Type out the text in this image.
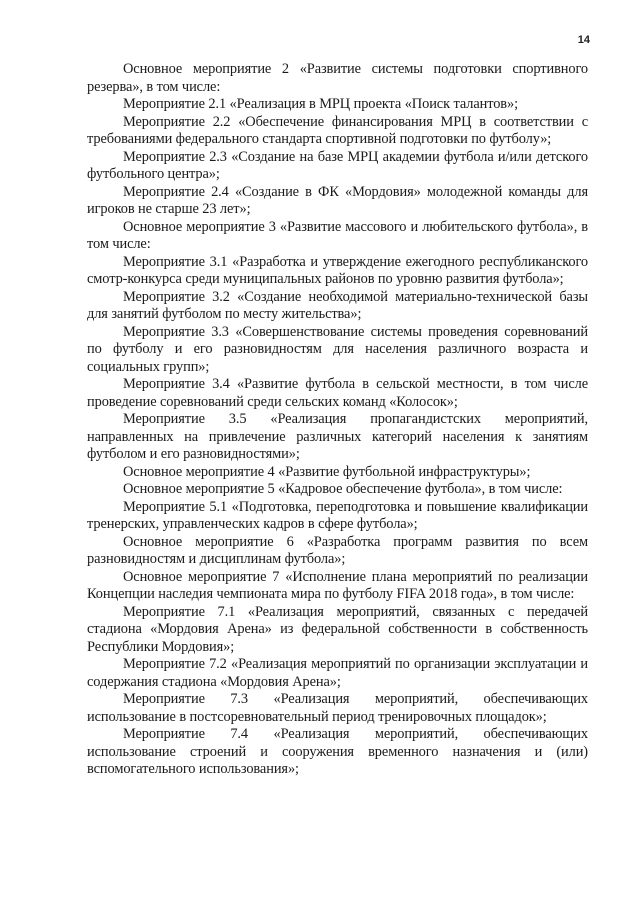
14

Основное мероприятие 2 «Развитие системы подготовки спортивного резерва», в том числе:

Мероприятие 2.1 «Реализация в МРЦ проекта «Поиск талантов»;

Мероприятие 2.2 «Обеспечение финансирования МРЦ в соответствии с требованиями федерального стандарта спортивной подготовки по футболу»;

Мероприятие 2.3 «Создание на базе МРЦ академии футбола и/или детского футбольного центра»;

Мероприятие 2.4 «Создание в ФК «Мордовия» молодежной команды для игроков не старше 23 лет»;

Основное мероприятие 3 «Развитие массового и любительского футбола», в том числе:

Мероприятие 3.1 «Разработка и утверждение ежегодного республиканского смотр-конкурса среди муниципальных районов по уровню развития футбола»;

Мероприятие 3.2 «Создание необходимой материально-технической базы для занятий футболом по месту жительства»;

Мероприятие 3.3 «Совершенствование системы проведения соревнований по футболу и его разновидностям для населения различного возраста и социальных групп»;

Мероприятие 3.4 «Развитие футбола в сельской местности, в том числе проведение соревнований среди сельских команд «Колосок»;

Мероприятие 3.5 «Реализация пропагандистских мероприятий, направленных на привлечение различных категорий населения к занятиям футболом и его разновидностями»;

Основное мероприятие 4 «Развитие футбольной инфраструктуры»;

Основное мероприятие 5 «Кадровое обеспечение футбола», в том числе:

Мероприятие 5.1 «Подготовка, переподготовка и повышение квалификации тренерских, управленческих кадров в сфере футбола»;

Основное мероприятие 6 «Разработка программ развития по всем разновидностям и дисциплинам футбола»;

Основное мероприятие 7 «Исполнение плана мероприятий по реализации Концепции наследия чемпионата мира по футболу FIFA 2018 года», в том числе:

Мероприятие 7.1 «Реализация мероприятий, связанных с передачей стадиона «Мордовия Арена» из федеральной собственности в собственность Республики Мордовия»;

Мероприятие 7.2 «Реализация мероприятий по организации эксплуатации и содержания стадиона «Мордовия Арена»;

Мероприятие 7.3 «Реализация мероприятий, обеспечивающих использование в постсоревновательный период тренировочных площадок»;

Мероприятие 7.4 «Реализация мероприятий, обеспечивающих использование строений и сооружения временного назначения и (или) вспомогательного использования»;
